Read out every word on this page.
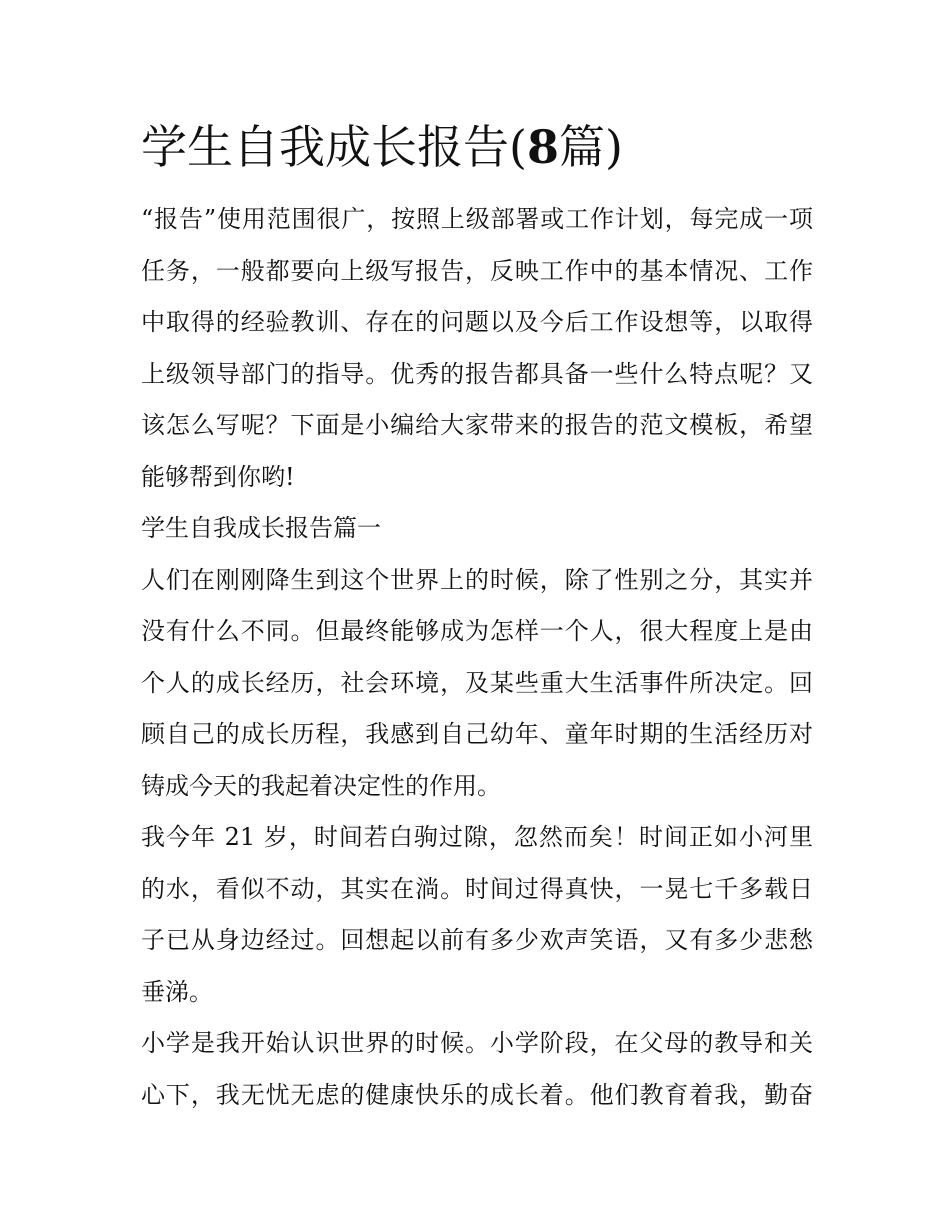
学生自我成长报告(8篇)

“报告”使用范围很广，按照上级部署或工作计划，每完成一项
任务，一般都要向上级写报告，反映工作中的基本情况、工作
中取得的经验教训、存在的问题以及今后工作设想等，以取得
上级领导部门的指导。优秀的报告都具备一些什么特点呢？又
该怎么写呢？下面是小编给大家带来的报告的范文模板，希望
能够帮到你哟!

学生自我成长报告篇一

人们在刚刚降生到这个世界上的时候，除了性别之分，其实并
没有什么不同。但最终能够成为怎样一个人，很大程度上是由
个人的成长经历，社会环境，及某些重大生活事件所决定。回
顾自己的成长历程，我感到自己幼年、童年时期的生活经历对
铸成今天的我起着决定性的作用。

我今年 21 岁，时间若白驹过隙，忽然而矣！时间正如小河里
的水，看似不动，其实在淌。时间过得真快，一晃七千多载日
子已从身边经过。回想起以前有多少欢声笑语，又有多少悲愁
垂涕。

小学是我开始认识世界的时候。小学阶段，在父母的教导和关
心下，我无忧无虑的健康快乐的成长着。他们教育着我，勤奋
